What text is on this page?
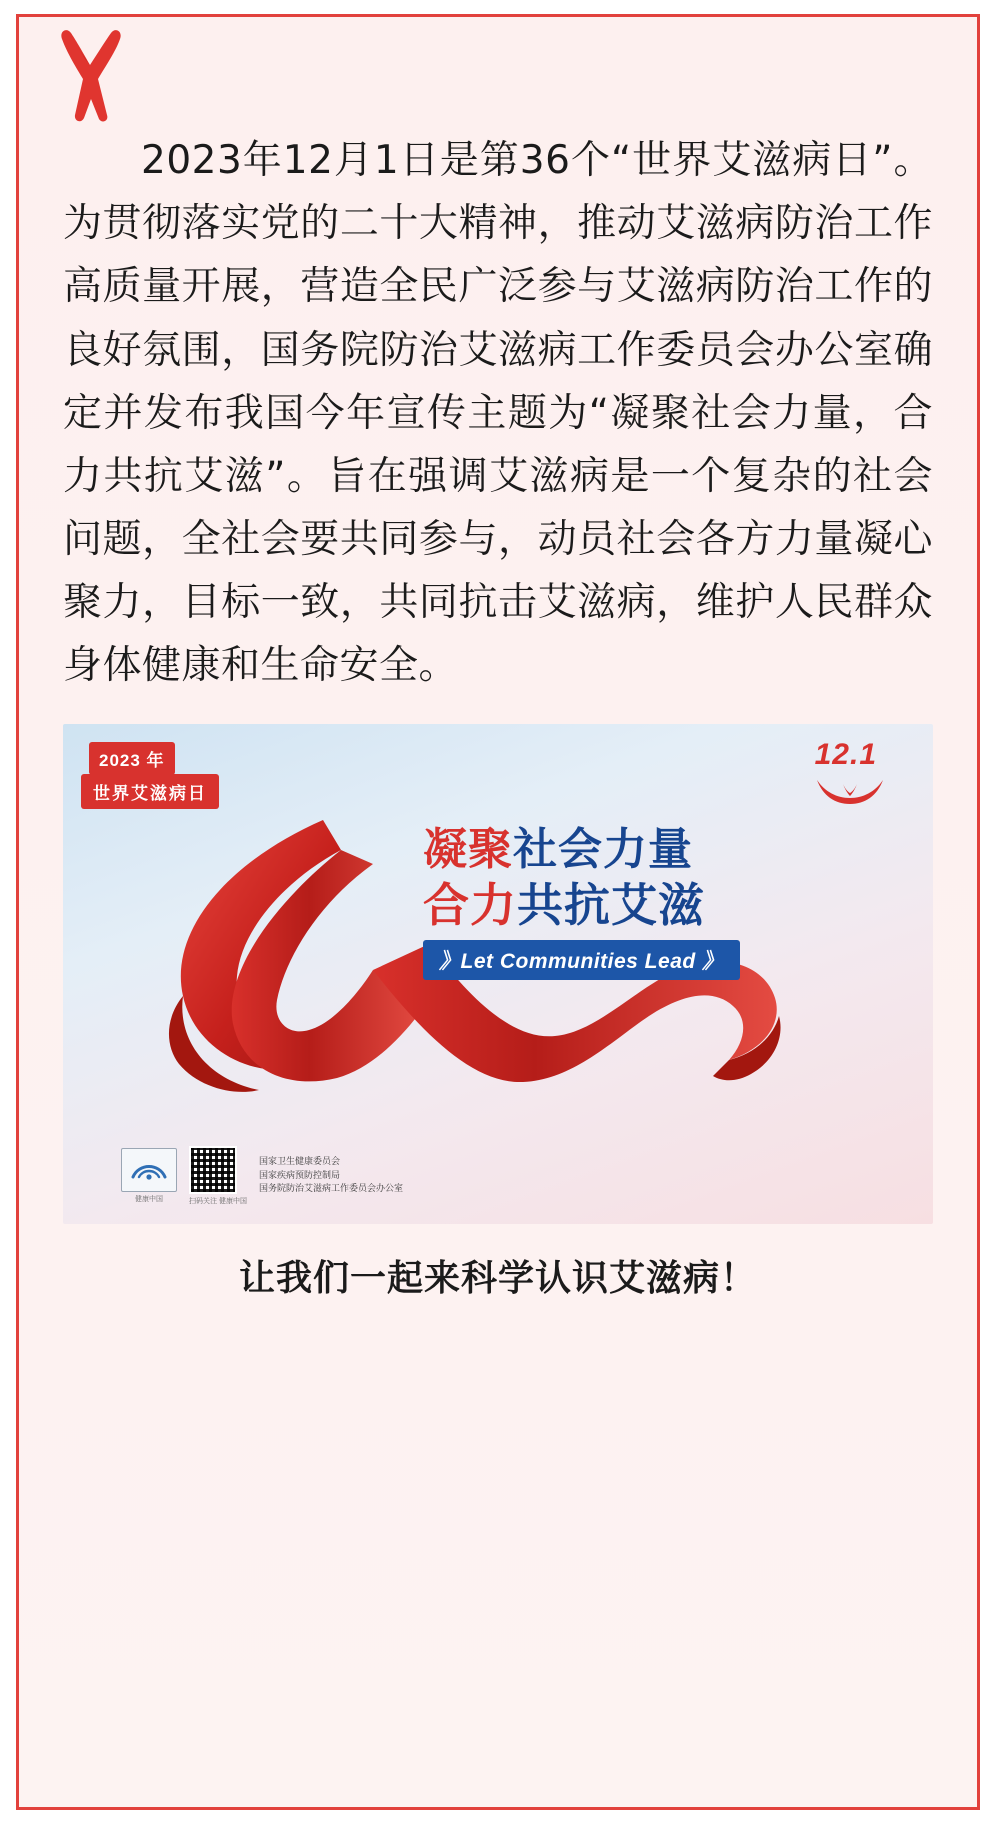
2023年12月1日是第36个“世界艾滋病日”。为贯彻落实党的二十大精神，推动艾滋病防治工作高质量开展，营造全民广泛参与艾滋病防治工作的良好氛围，国务院防治艾滋病工作委员会办公室确定并发布我国今年宣传主题为“凝聚社会力量，合力共抗艾滋”。旨在强调艾滋病是一个复杂的社会问题，全社会要共同参与，动员社会各方力量凝心聚力，目标一致，共同抗击艾滋病，维护人民群众身体健康和生命安全。

2023 年
世界艾滋病日
12.1
凝聚社会力量
合力共抗艾滋
》Let Communities Lead 》
健康中国	扫码关注 健康中国
国家卫生健康委员会
国家疾病预防控制局
国务院防治艾滋病工作委员会办公室
让我们一起来科学认识艾滋病！
